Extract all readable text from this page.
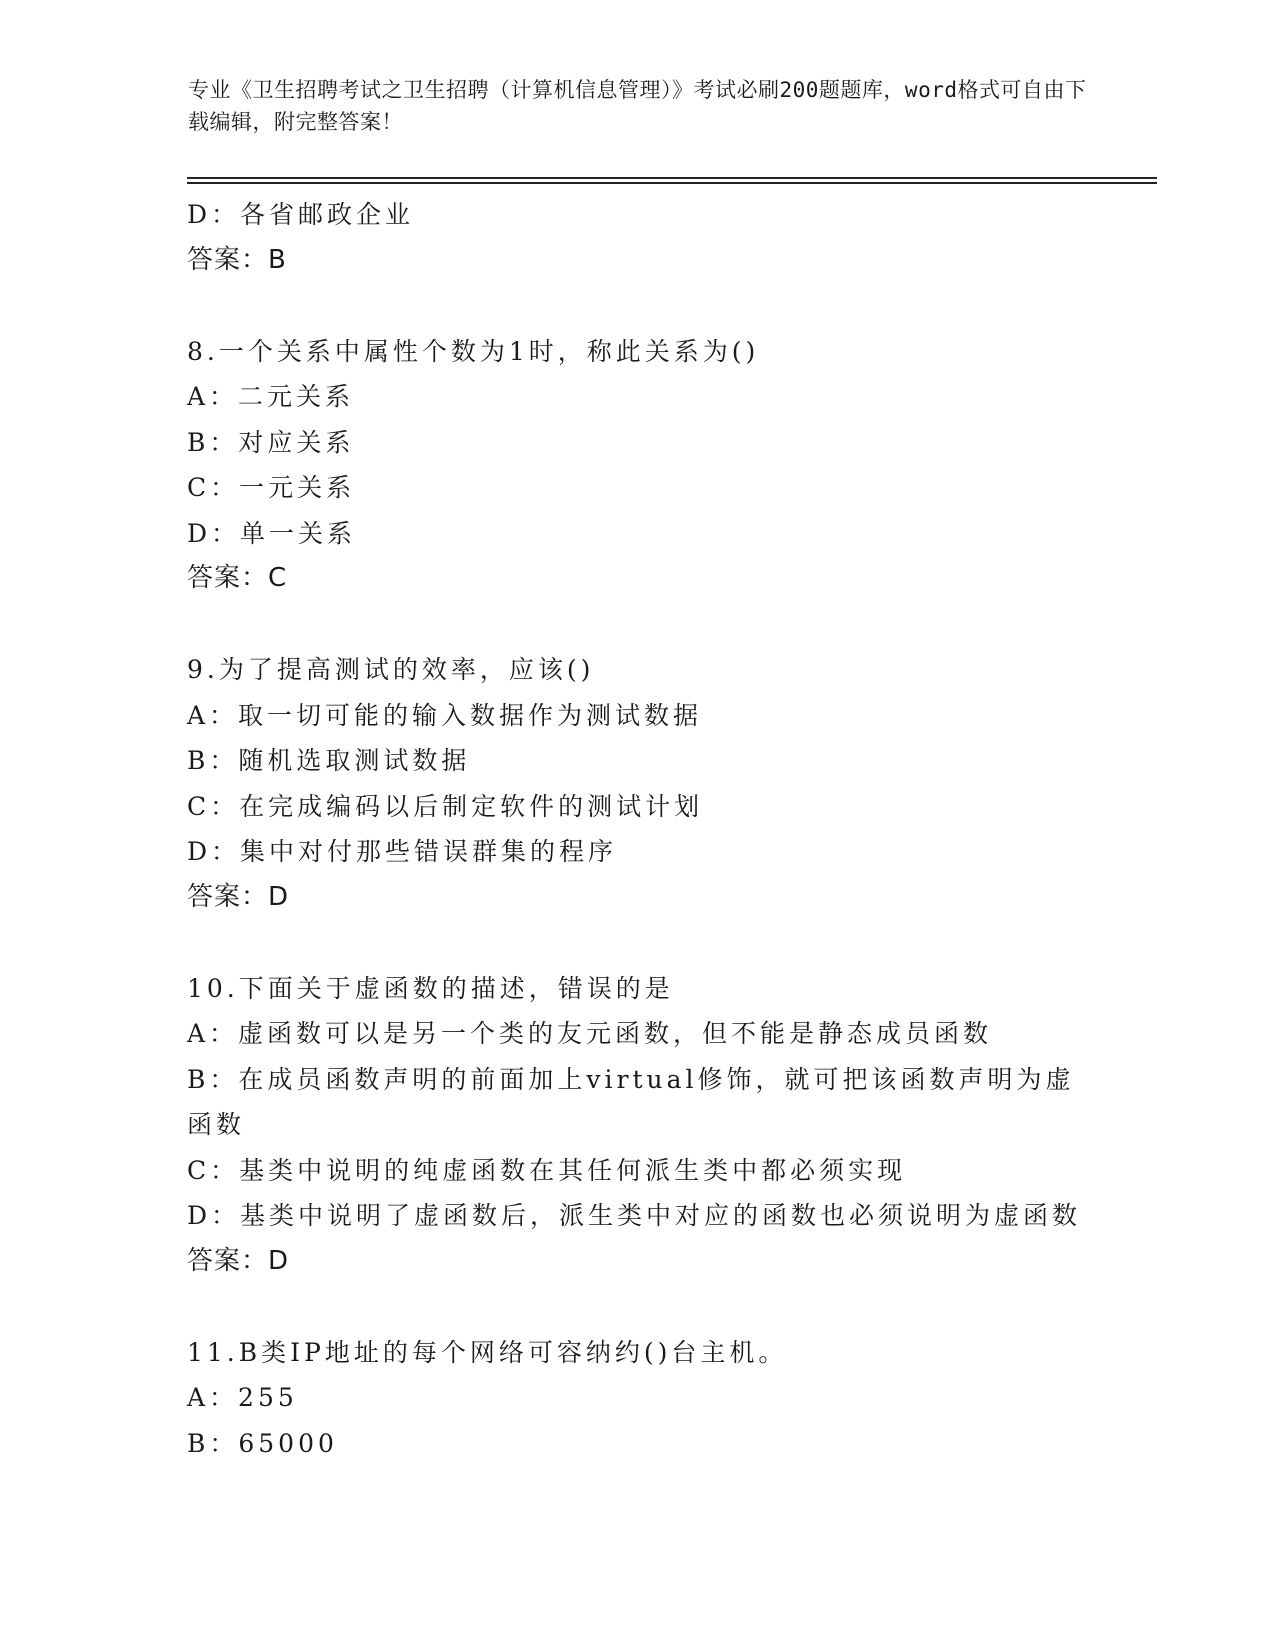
专业《卫生招聘考试之卫生招聘（计算机信息管理）》考试必刷200题题库，word格式可自由下载编辑，附完整答案！
D：各省邮政企业
答案：B
8.一个关系中属性个数为1时，称此关系为()
A：二元关系
B：对应关系
C：一元关系
D：单一关系
答案：C
9.为了提高测试的效率，应该()
A：取一切可能的输入数据作为测试数据
B：随机选取测试数据
C：在完成编码以后制定软件的测试计划
D：集中对付那些错误群集的程序
答案：D
10.下面关于虚函数的描述，错误的是
A：虚函数可以是另一个类的友元函数，但不能是静态成员函数
B：在成员函数声明的前面加上virtual修饰，就可把该函数声明为虚函数
C：基类中说明的纯虚函数在其任何派生类中都必须实现
D：基类中说明了虚函数后，派生类中对应的函数也必须说明为虚函数
答案：D
11.B类IP地址的每个网络可容纳约()台主机。
A：255
B：65000
